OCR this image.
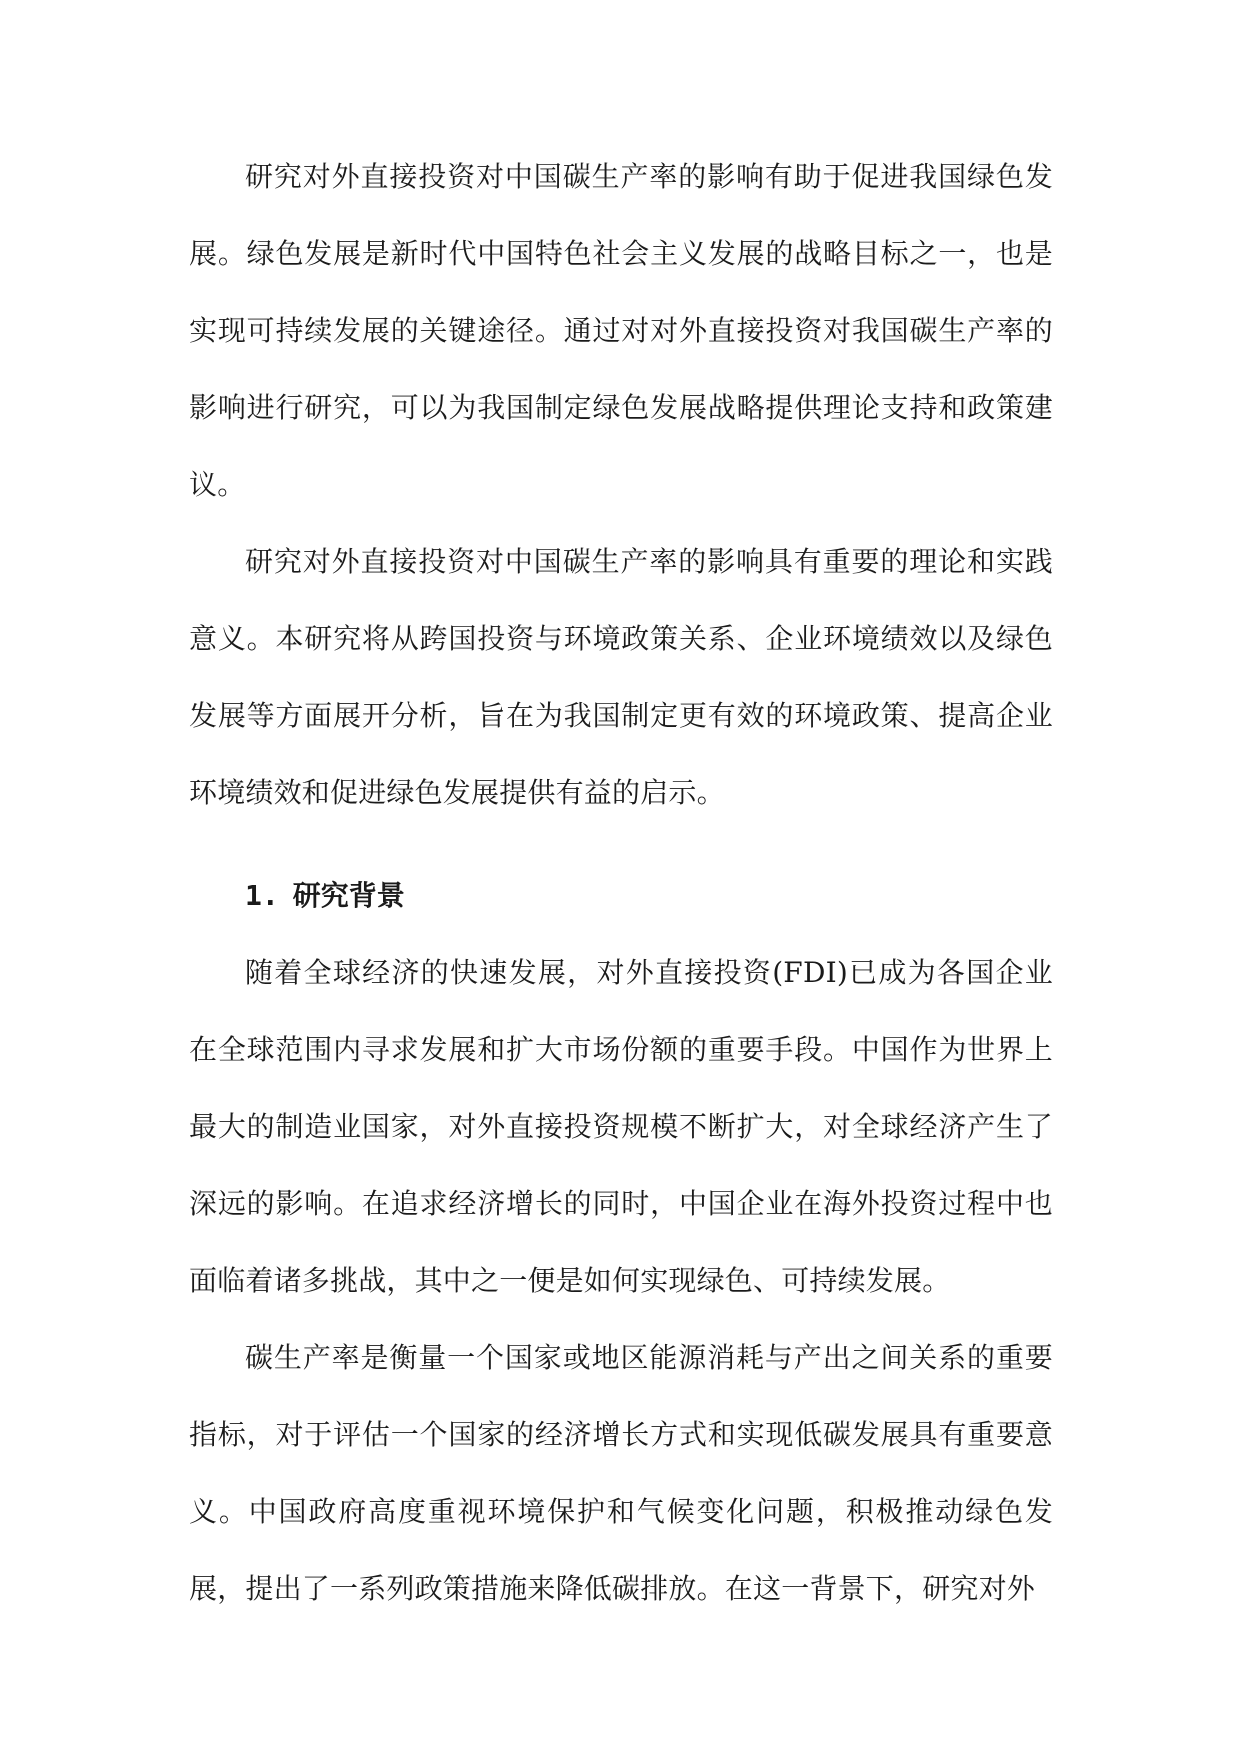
研究对外直接投资对中国碳生产率的影响有助于促进我国绿色发展。绿色发展是新时代中国特色社会主义发展的战略目标之一，也是实现可持续发展的关键途径。通过对对外直接投资对我国碳生产率的影响进行研究，可以为我国制定绿色发展战略提供理论支持和政策建议。

研究对外直接投资对中国碳生产率的影响具有重要的理论和实践意义。本研究将从跨国投资与环境政策关系、企业环境绩效以及绿色发展等方面展开分析，旨在为我国制定更有效的环境政策、提高企业环境绩效和促进绿色发展提供有益的启示。

1. 研究背景

随着全球经济的快速发展，对外直接投资(FDI)已成为各国企业在全球范围内寻求发展和扩大市场份额的重要手段。中国作为世界上最大的制造业国家，对外直接投资规模不断扩大，对全球经济产生了深远的影响。在追求经济增长的同时，中国企业在海外投资过程中也面临着诸多挑战，其中之一便是如何实现绿色、可持续发展。

碳生产率是衡量一个国家或地区能源消耗与产出之间关系的重要指标，对于评估一个国家的经济增长方式和实现低碳发展具有重要意义。中国政府高度重视环境保护和气候变化问题，积极推动绿色发展，提出了一系列政策措施来降低碳排放。在这一背景下，研究对外
